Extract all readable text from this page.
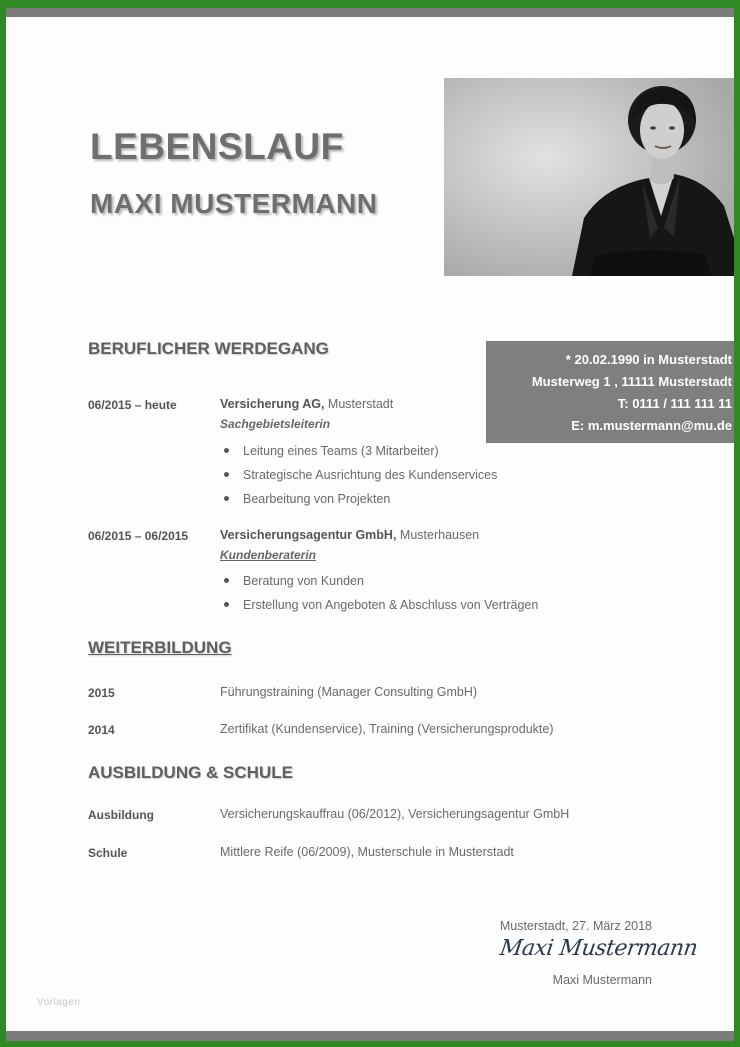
LEBENSLAUF
MAXI MUSTERMANN
* 20.02.1990 in Musterstadt
Musterweg 1 , 11111 Musterstadt
T: 0111 / 111 111 11
E: m.mustermann@mu.de
BERUFLICHER WERDEGANG
06/2015 – heute	Versicherung AG, Musterstadt
Sachgebietsleiterin
Leitung eines Teams (3 Mitarbeiter)
Strategische Ausrichtung des Kundenservices
Bearbeitung von Projekten
06/2015 – 06/2015	Versicherungsagentur GmbH, Musterhausen
Kundenberaterin
Beratung von Kunden
Erstellung von Angeboten & Abschluss von Verträgen
WEITERBILDUNG
2015	Führungstraining (Manager Consulting GmbH)
2014	Zertifikat (Kundenservice), Training (Versicherungsprodukte)
AUSBILDUNG & SCHULE
Ausbildung	Versicherungskauffrau (06/2012), Versicherungsagentur GmbH
Schule	Mittlere Reife (06/2009), Musterschule in Musterstadt
Musterstadt, 27. März 2018
Maxi Mustermann
Maxi Mustermann
Vorlagen
